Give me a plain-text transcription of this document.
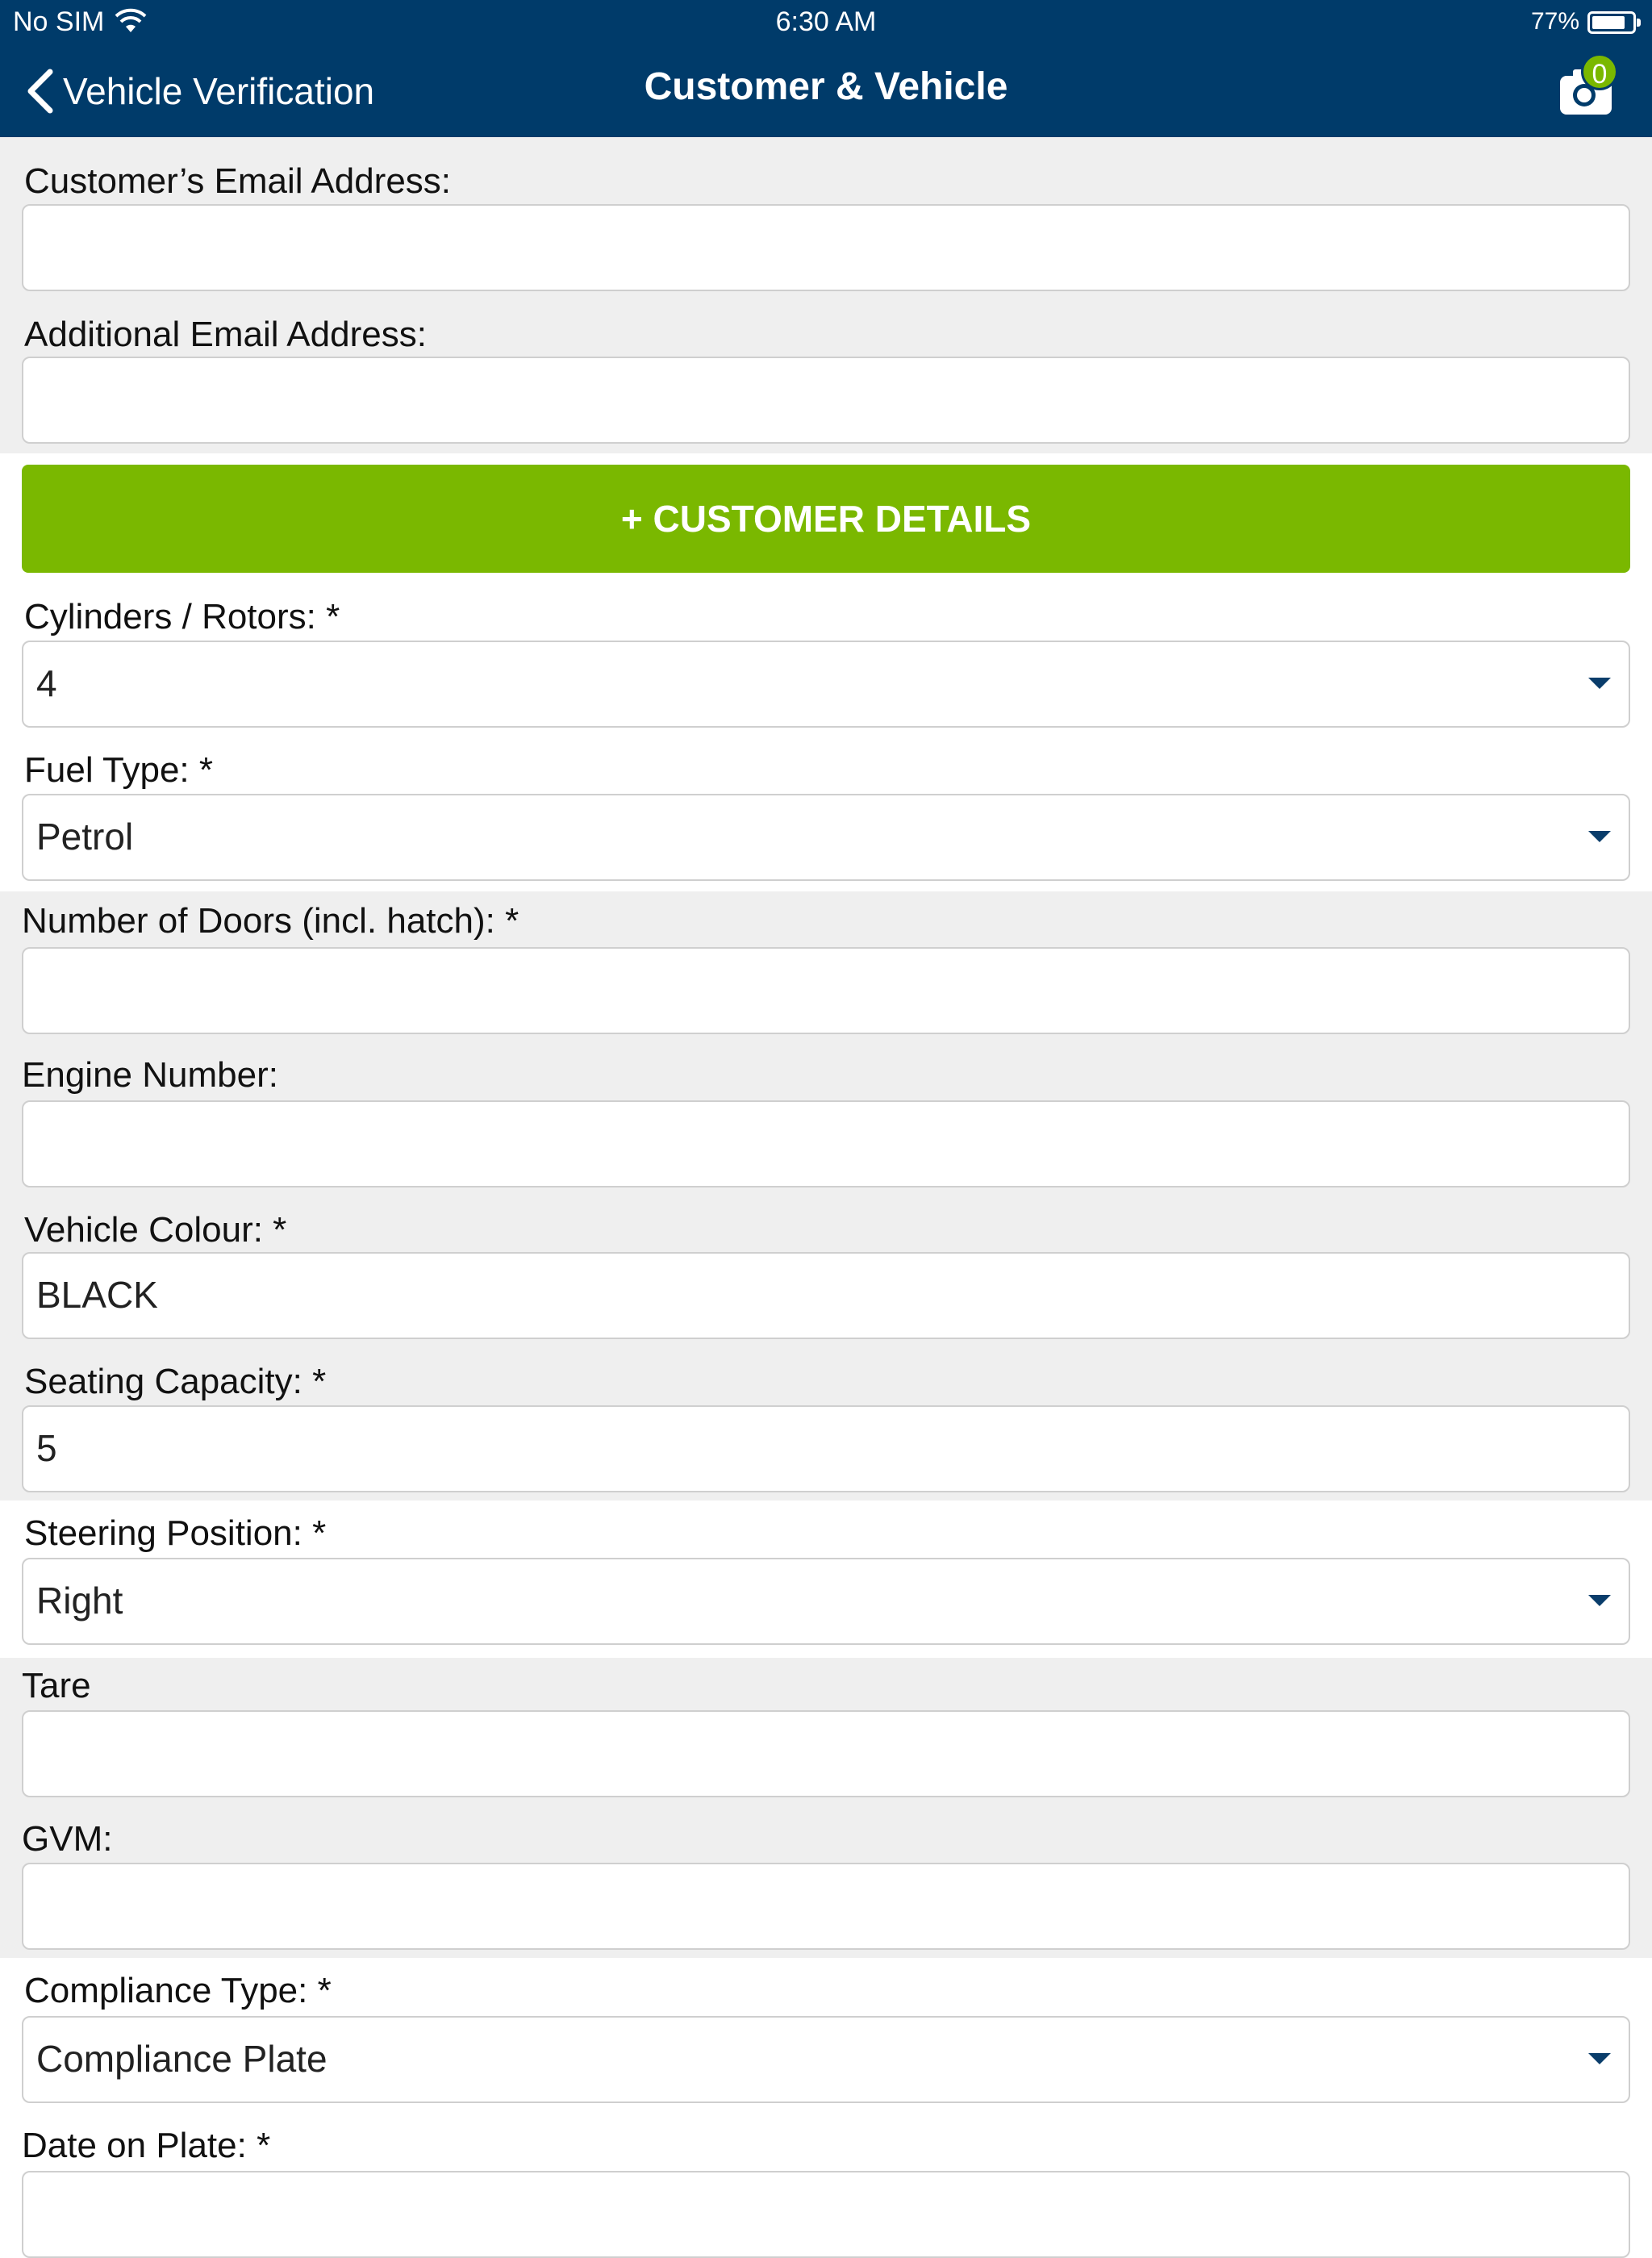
No SIM	6:30 AM	77%
Vehicle Verification	Customer & Vehicle	0
Customer’s Email Address:
Additional Email Address:
+ CUSTOMER DETAILS
Cylinders / Rotors: *
4
Fuel Type: *
Petrol
Number of Doors (incl. hatch): *
Engine Number:
Vehicle Colour: *
BLACK
Seating Capacity: *
5
Steering Position: *
Right
Tare
GVM:
Compliance Type: *
Compliance Plate
Date on Plate: *
